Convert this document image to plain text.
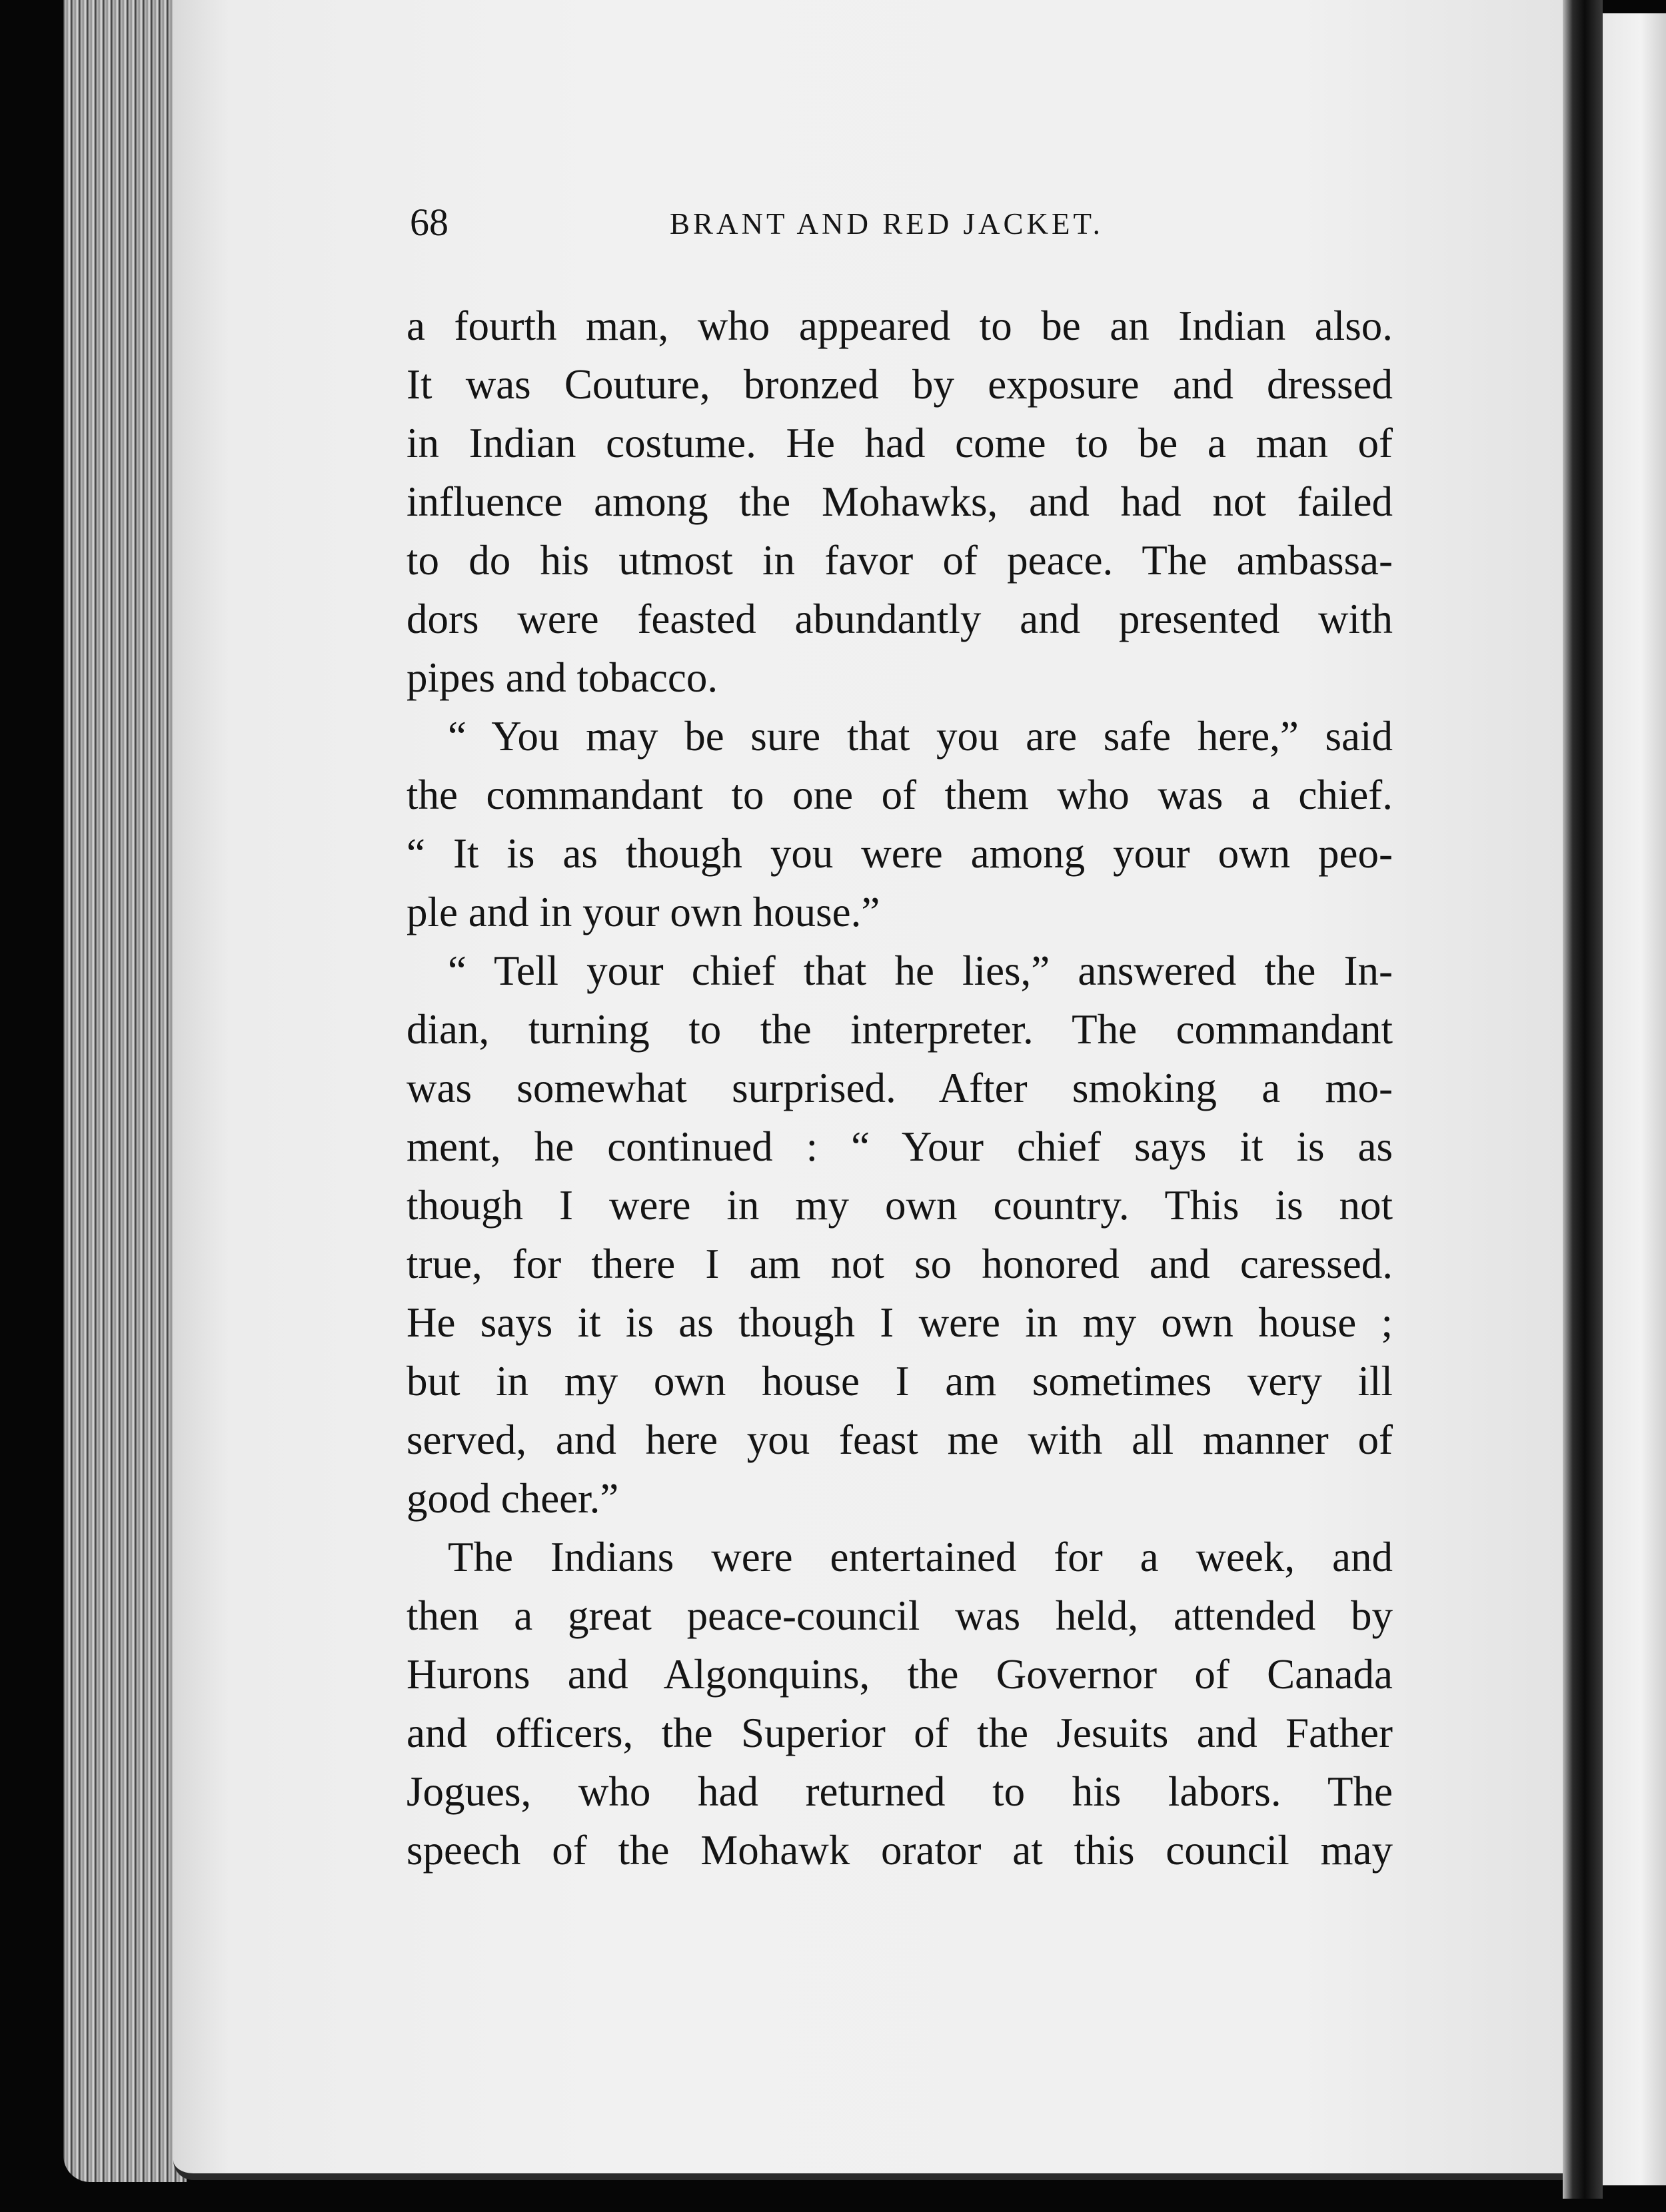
68	BRANT AND RED JACKET.
a fourth man, who appeared to be an Indian also.
It was Couture, bronzed by exposure and dressed
in Indian costume. He had come to be a man of
influence among the Mohawks, and had not failed
to do his utmost in favor of peace. The ambassa-
dors were feasted abundantly and presented with
pipes and tobacco.
“ You may be sure that you are safe here,” said
the commandant to one of them who was a chief.
“ It is as though you were among your own peo-
ple and in your own house.”
“ Tell your chief that he lies,” answered the In-
dian, turning to the interpreter. The commandant
was somewhat surprised. After smoking a mo-
ment, he continued : “ Your chief says it is as
though I were in my own country. This is not
true, for there I am not so honored and caressed.
He says it is as though I were in my own house ;
but in my own house I am sometimes very ill
served, and here you feast me with all manner of
good cheer.”
The Indians were entertained for a week, and
then a great peace-council was held, attended by
Hurons and Algonquins, the Governor of Canada
and officers, the Superior of the Jesuits and Father
Jogues, who had returned to his labors. The
speech of the Mohawk orator at this council may
